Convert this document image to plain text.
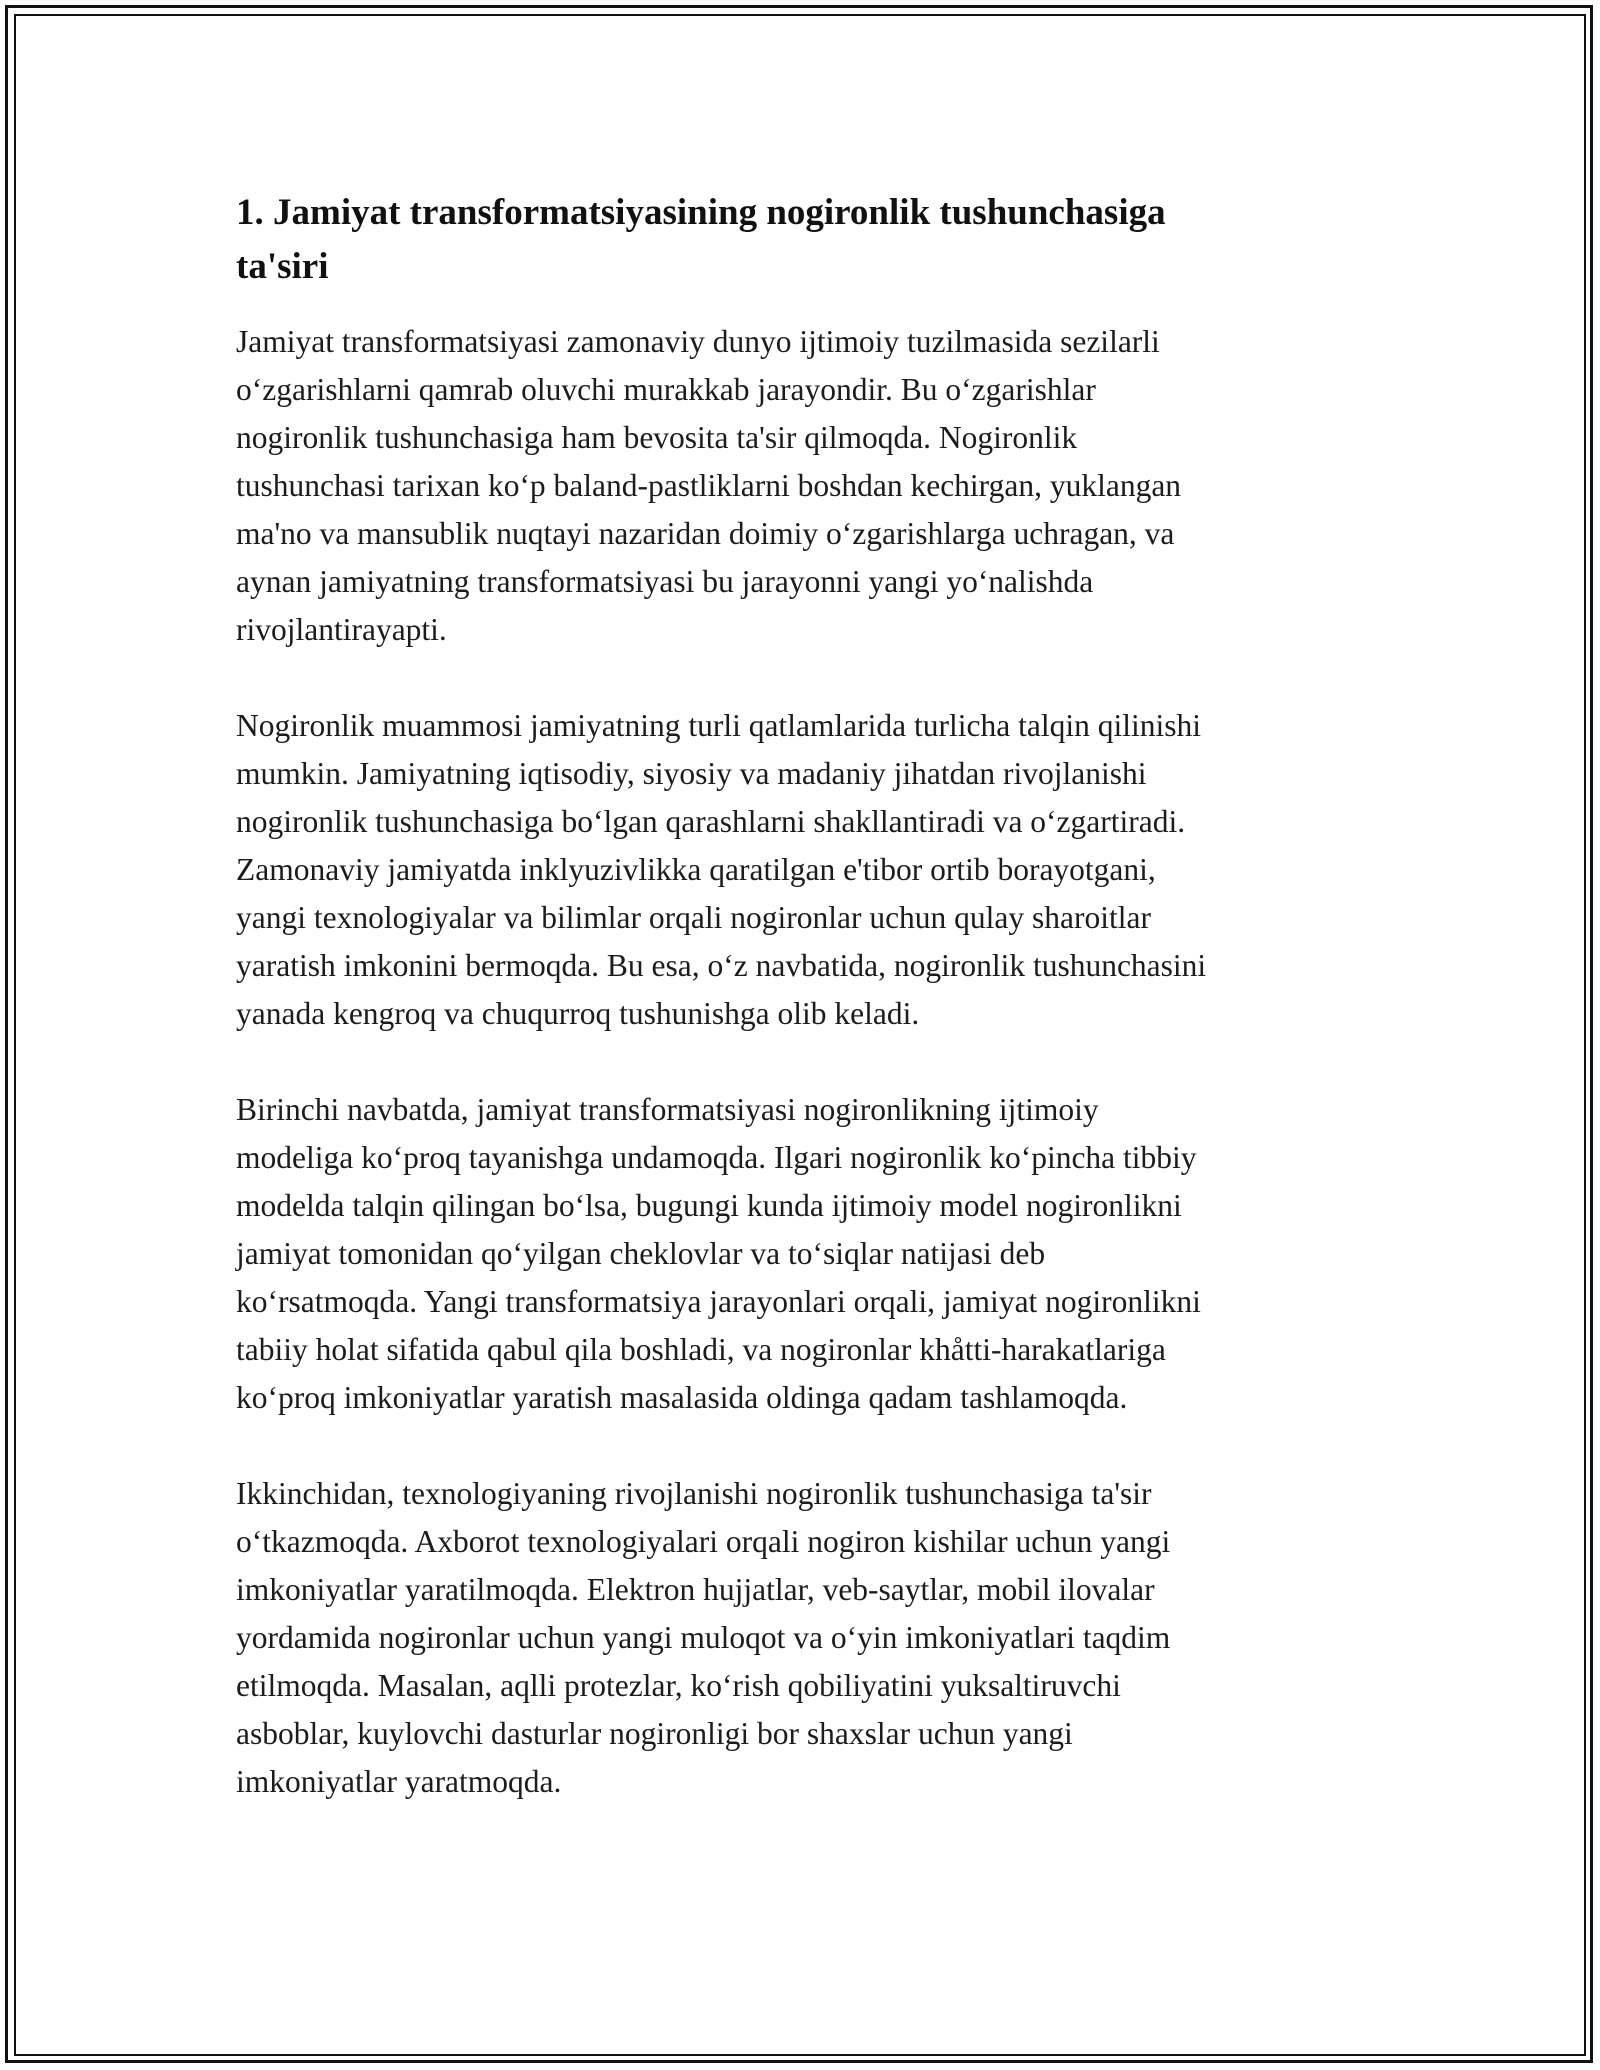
1. Jamiyat transformatsiyasining nogironlik tushunchasiga
ta'siri

Jamiyat transformatsiyasi zamonaviy dunyo ijtimoiy tuzilmasida sezilarli
o‘zgarishlarni qamrab oluvchi murakkab jarayondir. Bu o‘zgarishlar
nogironlik tushunchasiga ham bevosita ta'sir qilmoqda. Nogironlik
tushunchasi tarixan ko‘p baland-pastliklarni boshdan kechirgan, yuklangan
ma'no va mansublik nuqtayi nazaridan doimiy o‘zgarishlarga uchragan, va
aynan jamiyatning transformatsiyasi bu jarayonni yangi yo‘nalishda
rivojlantirayapti.

Nogironlik muammosi jamiyatning turli qatlamlarida turlicha talqin qilinishi
mumkin. Jamiyatning iqtisodiy, siyosiy va madaniy jihatdan rivojlanishi
nogironlik tushunchasiga bo‘lgan qarashlarni shakllantiradi va o‘zgartiradi.
Zamonaviy jamiyatda inklyuzivlikka qaratilgan e'tibor ortib borayotgani,
yangi texnologiyalar va bilimlar orqali nogironlar uchun qulay sharoitlar
yaratish imkonini bermoqda. Bu esa, o‘z navbatida, nogironlik tushunchasini
yanada kengroq va chuqurroq tushunishga olib keladi.

Birinchi navbatda, jamiyat transformatsiyasi nogironlikning ijtimoiy
modeliga ko‘proq tayanishga undamoqda. Ilgari nogironlik ko‘pincha tibbiy
modelda talqin qilingan bo‘lsa, bugungi kunda ijtimoiy model nogironlikni
jamiyat tomonidan qo‘yilgan cheklovlar va to‘siqlar natijasi deb
ko‘rsatmoqda. Yangi transformatsiya jarayonlari orqali, jamiyat nogironlikni
tabiiy holat sifatida qabul qila boshladi, va nogironlar khåtti-harakatlariga
ko‘proq imkoniyatlar yaratish masalasida oldinga qadam tashlamoqda.

Ikkinchidan, texnologiyaning rivojlanishi nogironlik tushunchasiga ta'sir
o‘tkazmoqda. Axborot texnologiyalari orqali nogiron kishilar uchun yangi
imkoniyatlar yaratilmoqda. Elektron hujjatlar, veb-saytlar, mobil ilovalar
yordamida nogironlar uchun yangi muloqot va o‘yin imkoniyatlari taqdim
etilmoqda. Masalan, aqlli protezlar, ko‘rish qobiliyatini yuksaltiruvchi
asboblar, kuylovchi dasturlar nogironligi bor shaxslar uchun yangi
imkoniyatlar yaratmoqda.
